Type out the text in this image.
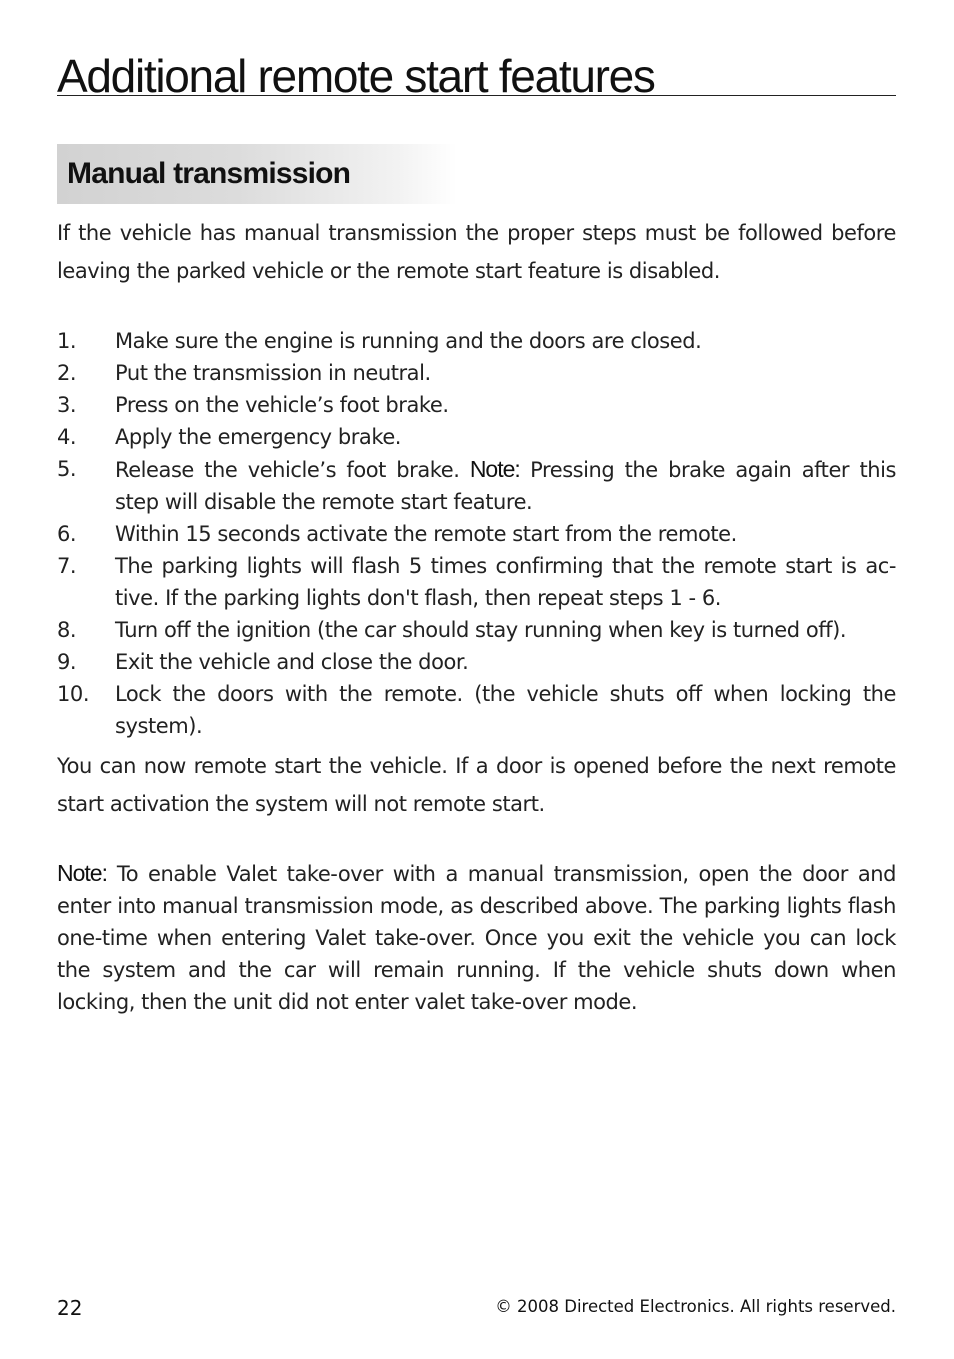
Additional remote start features
Manual transmission

If the vehicle has manual transmission the proper steps must be followed before leaving the parked vehicle or the remote start feature is disabled.

1. Make sure the engine is running and the doors are closed.
2. Put the transmission in neutral.
3. Press on the vehicle’s foot brake.
4. Apply the emergency brake.
5. Release the vehicle’s foot brake. Note: Pressing the brake again after this step will disable the remote start feature.
6. Within 15 seconds activate the remote start from the remote.
7. The parking lights will flash 5 times confirming that the remote start is ac-tive. If the parking lights don't flash, then repeat steps 1 - 6.
8. Turn off the ignition (the car should stay running when key is turned off).
9. Exit the vehicle and close the door.
10. Lock the doors with the remote. (the vehicle shuts off when locking the system).

You can now remote start the vehicle. If a door is opened before the next remote start activation the system will not remote start.

Note: To enable Valet take-over with a manual transmission, open the door and enter into manual transmission mode, as described above. The parking lights flash one-time when entering Valet take-over. Once you exit the vehicle you can lock the system and the car will remain running. If the vehicle shuts down when locking, then the unit did not enter valet take-over mode.

22	© 2008 Directed Electronics. All rights reserved.
